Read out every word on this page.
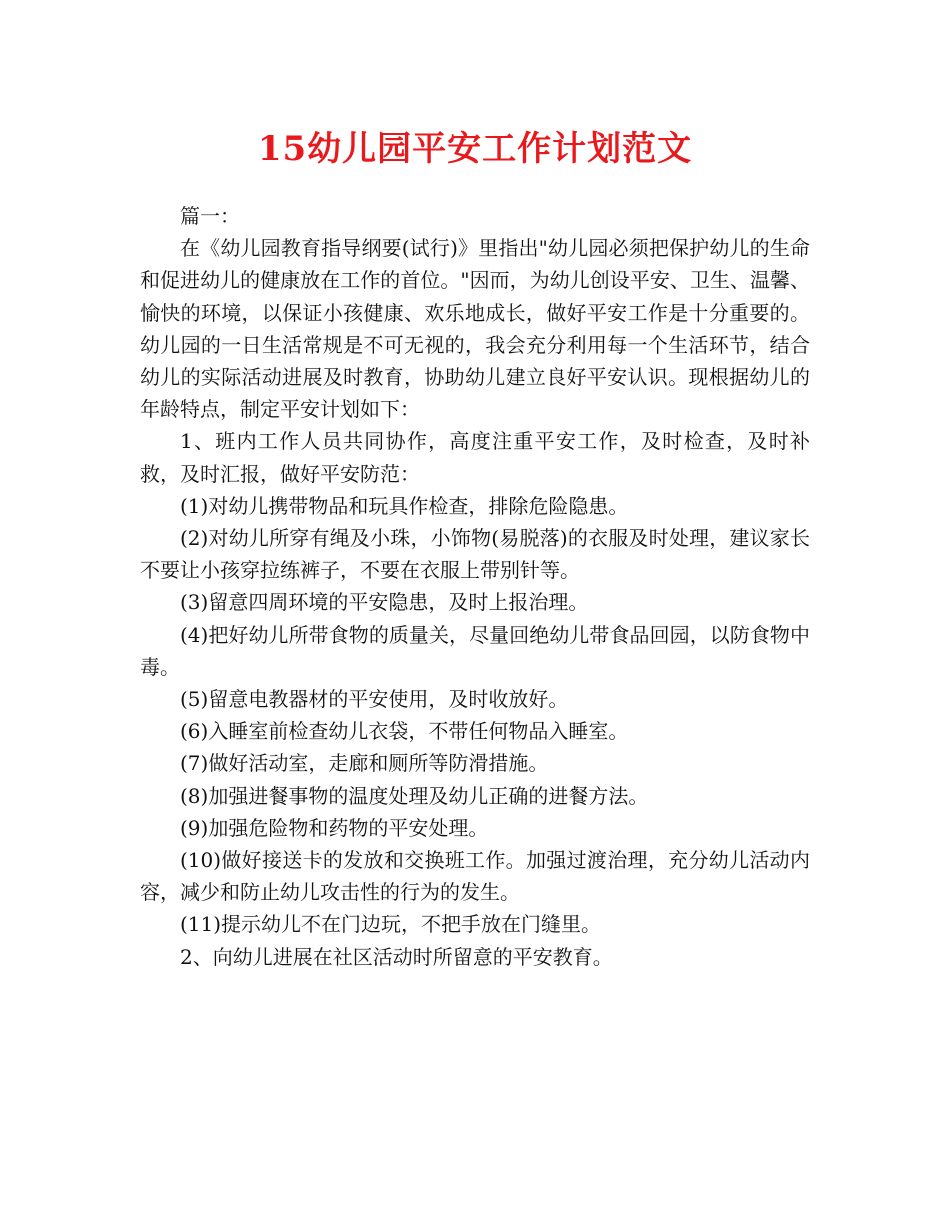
15幼儿园平安工作计划范文

篇一：

在《幼儿园教育指导纲要(试行)》里指出"幼儿园必须把保护幼儿的生命和促进幼儿的健康放在工作的首位。"因而，为幼儿创设平安、卫生、温馨、愉快的环境，以保证小孩健康、欢乐地成长，做好平安工作是十分重要的。幼儿园的一日生活常规是不可无视的，我会充分利用每一个生活环节，结合幼儿的实际活动进展及时教育，协助幼儿建立良好平安认识。现根据幼儿的年龄特点，制定平安计划如下：

1、班内工作人员共同协作，高度注重平安工作，及时检查，及时补救，及时汇报，做好平安防范：

(1)对幼儿携带物品和玩具作检查，排除危险隐患。

(2)对幼儿所穿有绳及小珠，小饰物(易脱落)的衣服及时处理，建议家长不要让小孩穿拉练裤子，不要在衣服上带别针等。

(3)留意四周环境的平安隐患，及时上报治理。

(4)把好幼儿所带食物的质量关，尽量回绝幼儿带食品回园，以防食物中毒。

(5)留意电教器材的平安使用，及时收放好。

(6)入睡室前检查幼儿衣袋，不带任何物品入睡室。

(7)做好活动室，走廊和厕所等防滑措施。

(8)加强进餐事物的温度处理及幼儿正确的进餐方法。

(9)加强危险物和药物的平安处理。

(10)做好接送卡的发放和交换班工作。加强过渡治理，充分幼儿活动内容，减少和防止幼儿攻击性的行为的发生。

(11)提示幼儿不在门边玩，不把手放在门缝里。

2、向幼儿进展在社区活动时所留意的平安教育。
